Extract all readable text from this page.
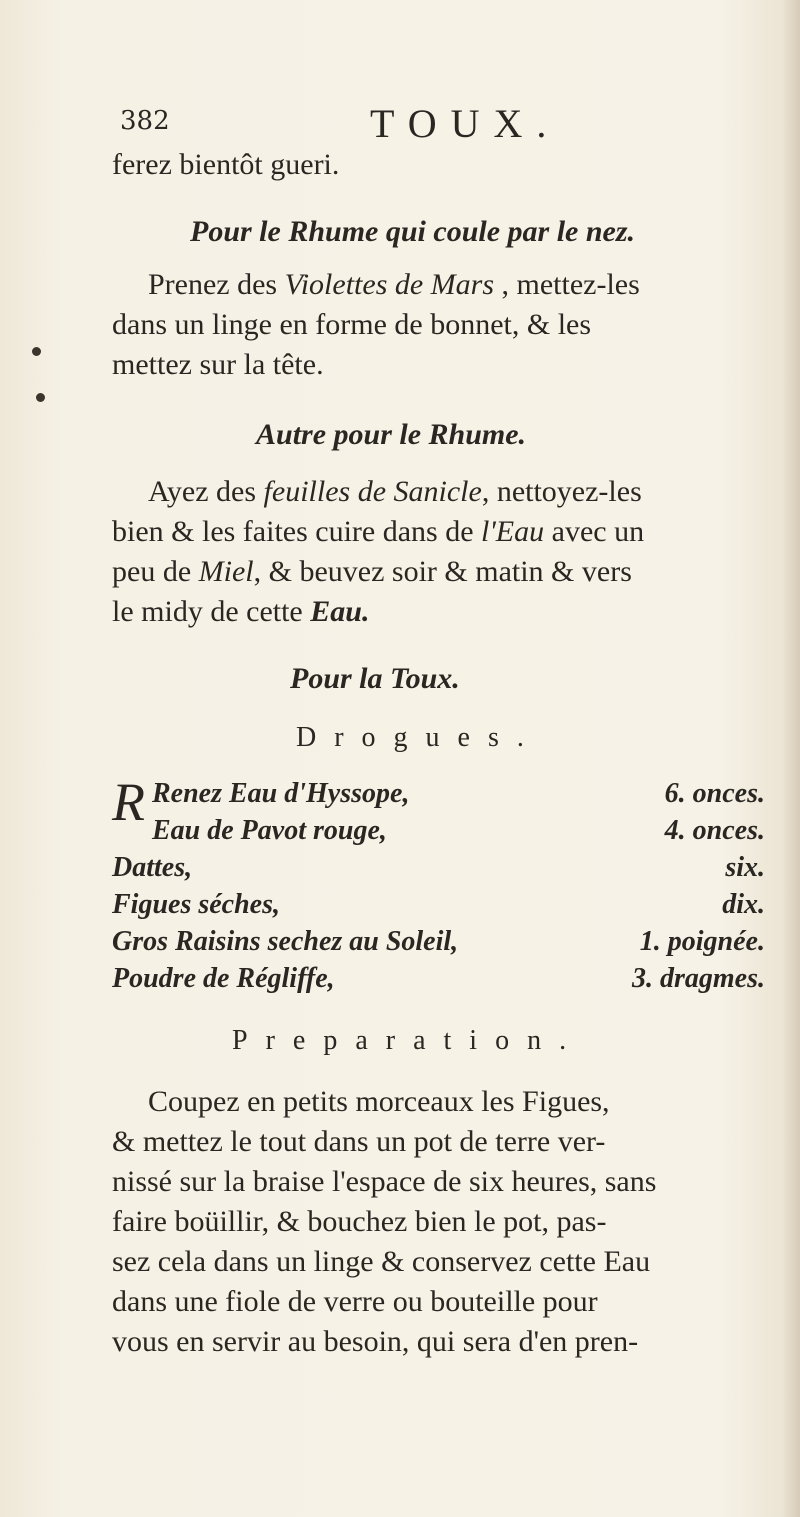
382	TOUX.
ferez bientôt gueri.
Pour le Rhume qui coule par le nez.
Prenez des Violettes de Mars , mettez-les
dans un linge en forme de bonnet, & les
mettez sur la tête.
Autre pour le Rhume.
Ayez des feuilles de Sanicle, nettoyez-les
bien & les faites cuire dans de l'Eau avec un
peu de Miel, & beuvez soir & matin & vers
le midy de cette Eau.
Pour la Toux.
Drogues.
R Renez Eau d'Hyssope,	6. onces.
Eau de Pavot rouge,	4. onces.
Dattes,	six.
Figues séches,	dix.
Gros Raisins sechez au Soleil,	1. poignée.
Poudre de Régliffe,	3. dragmes.
Preparation.
Coupez en petits morceaux les Figues,
& mettez le tout dans un pot de terre ver-
nissé sur la braise l'espace de six heures, sans
faire boüillir, & bouchez bien le pot, pas-
sez cela dans un linge & conservez cette Eau
dans une fiole de verre ou bouteille pour
vous en servir au besoin, qui sera d'en pren-
